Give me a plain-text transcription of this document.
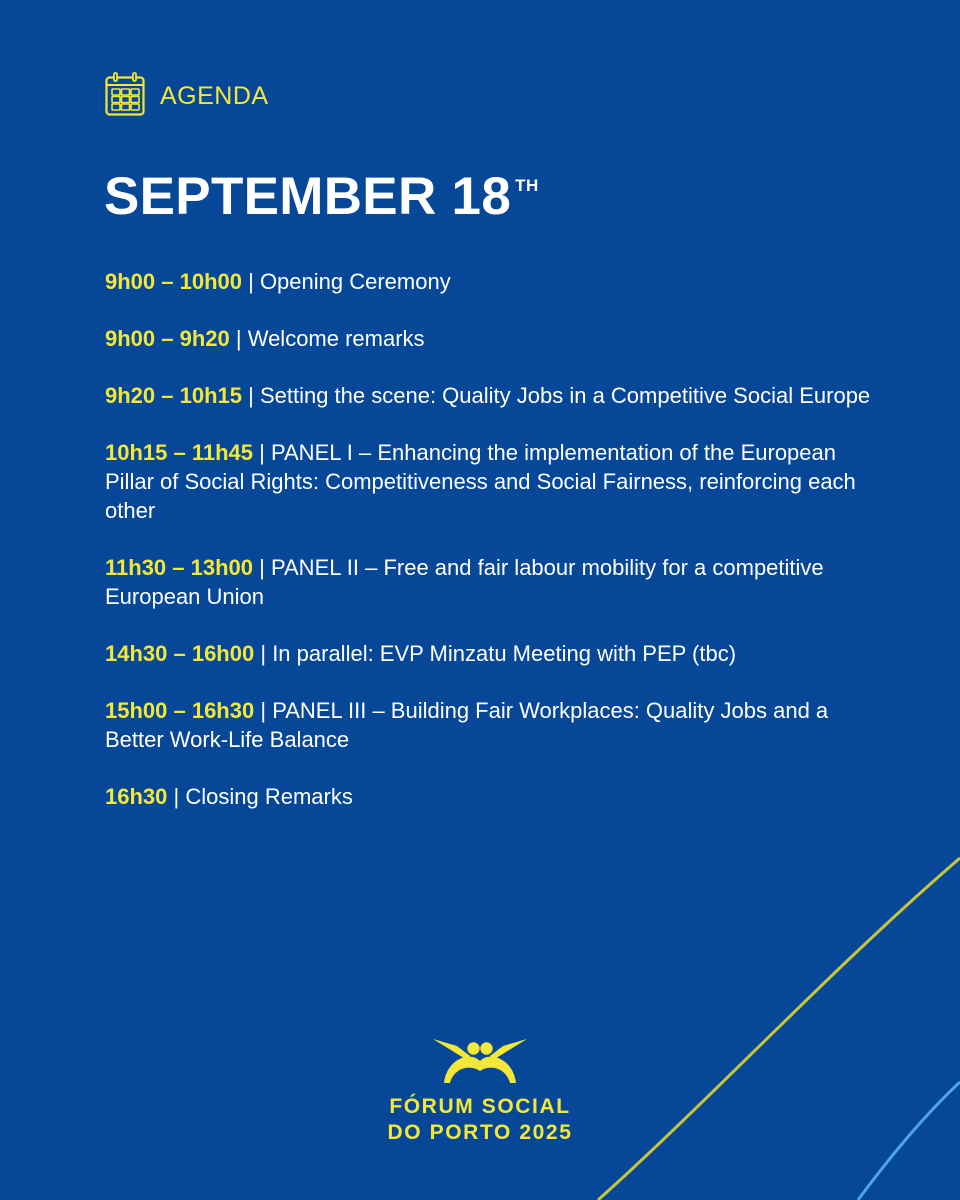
AGENDA
SEPTEMBER 18 $^{TH}$
9h00 – 10h00 | Opening Ceremony
9h00 – 9h20 | Welcome remarks
9h20 – 10h15 | Setting the scene: Quality Jobs in a Competitive Social Europe
10h15 – 11h45 | PANEL I – Enhancing the implementation of the European Pillar of Social Rights: Competitiveness and Social Fairness, reinforcing each other
11h30 – 13h00 | PANEL II – Free and fair labour mobility for a competitive European Union
14h30 – 16h00 | In parallel: EVP Minzatu Meeting with PEP (tbc)
15h00 – 16h30 | PANEL III – Building Fair Workplaces: Quality Jobs and a Better Work-Life Balance
16h30 | Closing Remarks
FÓRUM SOCIAL
DO PORTO 2025
